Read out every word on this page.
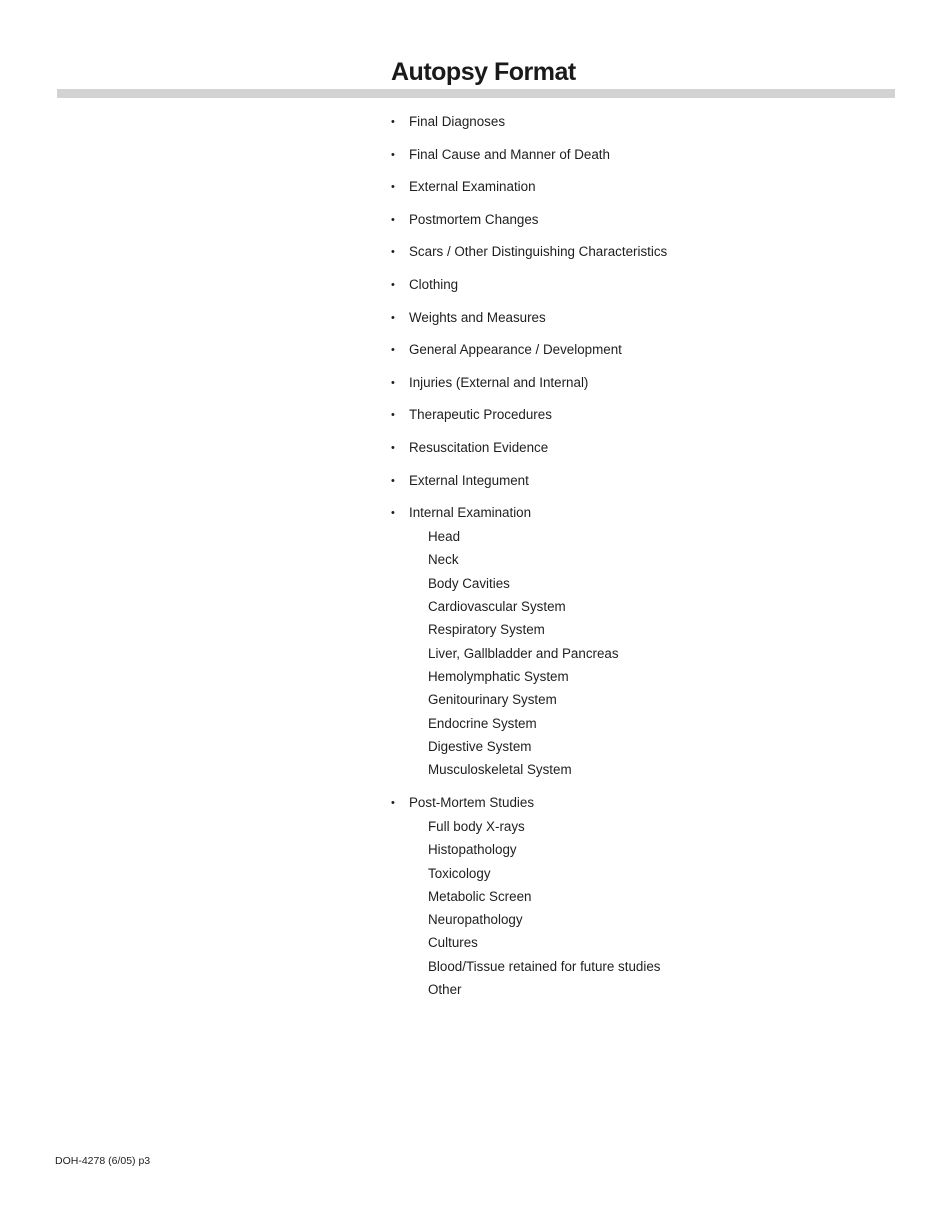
Autopsy Format
• Final Diagnoses
• Final Cause and Manner of Death
• External Examination
• Postmortem Changes
• Scars / Other Distinguishing Characteristics
• Clothing
• Weights and Measures
• General Appearance / Development
• Injuries (External and Internal)
• Therapeutic Procedures
• Resuscitation Evidence
• External Integument
• Internal Examination
Head
Neck
Body Cavities
Cardiovascular System
Respiratory System
Liver, Gallbladder and Pancreas
Hemolymphatic System
Genitourinary System
Endocrine System
Digestive System
Musculoskeletal System
• Post-Mortem Studies
Full body X-rays
Histopathology
Toxicology
Metabolic Screen
Neuropathology
Cultures
Blood/Tissue retained for future studies
Other
DOH-4278 (6/05) p3
